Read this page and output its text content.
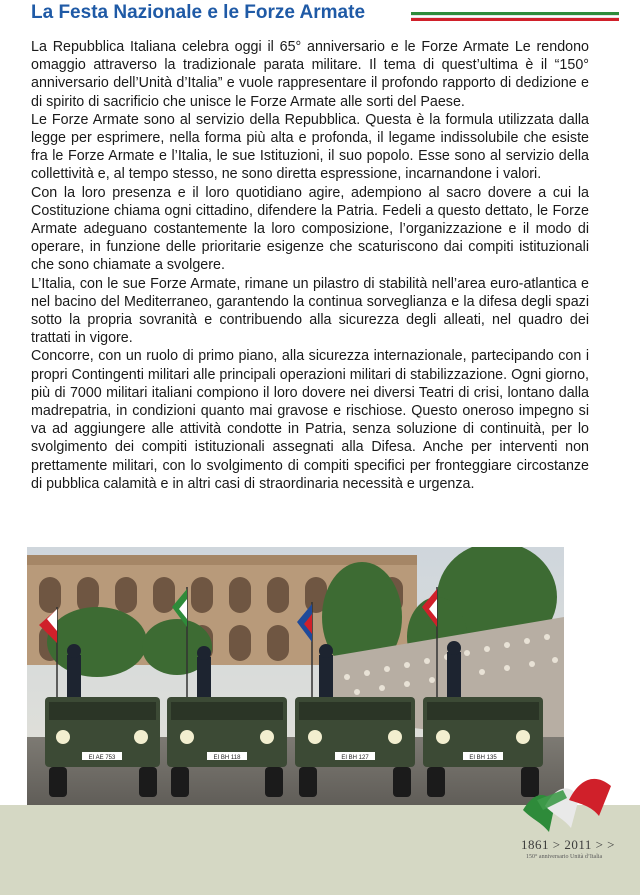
La Festa Nazionale e le Forze Armate

La Repubblica Italiana celebra oggi il 65° anniversario e le Forze Armate Le rendono omaggio attraverso la tradizionale parata militare. Il tema di quest’ultima è il “150° anniversario dell’Unità d’Italia” e vuole rappresentare il profondo rapporto di dedizione e di spirito di sacrificio che unisce le Forze Armate alle sorti del Paese.

Le Forze Armate sono al servizio della Repubblica. Questa è la formula utilizzata dalla legge per esprimere, nella forma più alta e profonda, il legame indissolubile che esiste fra le Forze Armate e l’Italia, le sue Istituzioni, il suo popolo. Esse sono al servizio della collettività e, al tempo stesso, ne sono diretta espressione, incarnandone i valori.

Con la loro presenza e il loro quotidiano agire, adempiono al sacro dovere a cui la Costituzione chiama ogni cittadino, difendere la Patria. Fedeli a questo dettato, le Forze Armate adeguano costantemente la loro composizione, l’organizzazione e il modo di operare, in funzione delle prioritarie esigenze che scaturiscono dai compiti istituzionali che sono chiamate a svolgere.

L’Italia, con le sue Forze Armate, rimane un pilastro di stabilità nell’area euro-atlantica e nel bacino del Mediterraneo, garantendo la continua sorveglianza e la difesa degli spazi sotto la propria sovranità e contribuendo alla sicurezza degli alleati, nel quadro dei trattati in vigore.

Concorre, con un ruolo di primo piano, alla sicurezza internazionale, partecipando con i propri Contingenti militari alle principali operazioni militari di stabilizzazione. Ogni giorno, più di 7000 militari italiani compiono il loro dovere nei diversi Teatri di crisi, lontano dalla madrepatria, in condizioni quanto mai gravose e rischiose. Questo oneroso impegno si va ad aggiungere alle attività condotte in Patria, senza soluzione di continuità, per lo svolgimento dei compiti istituzionali assegnati alla Difesa. Anche per interventi non prettamente militari, con lo svolgimento di compiti specifici per fronteggiare circostanze di pubblica calamità e in altri casi di straordinaria necessità e urgenza.

EI AE 753	EI BH 118	EI BH 127	EI BH 135
1861 > 2011 > >
150° anniversario Unità d’Italia
